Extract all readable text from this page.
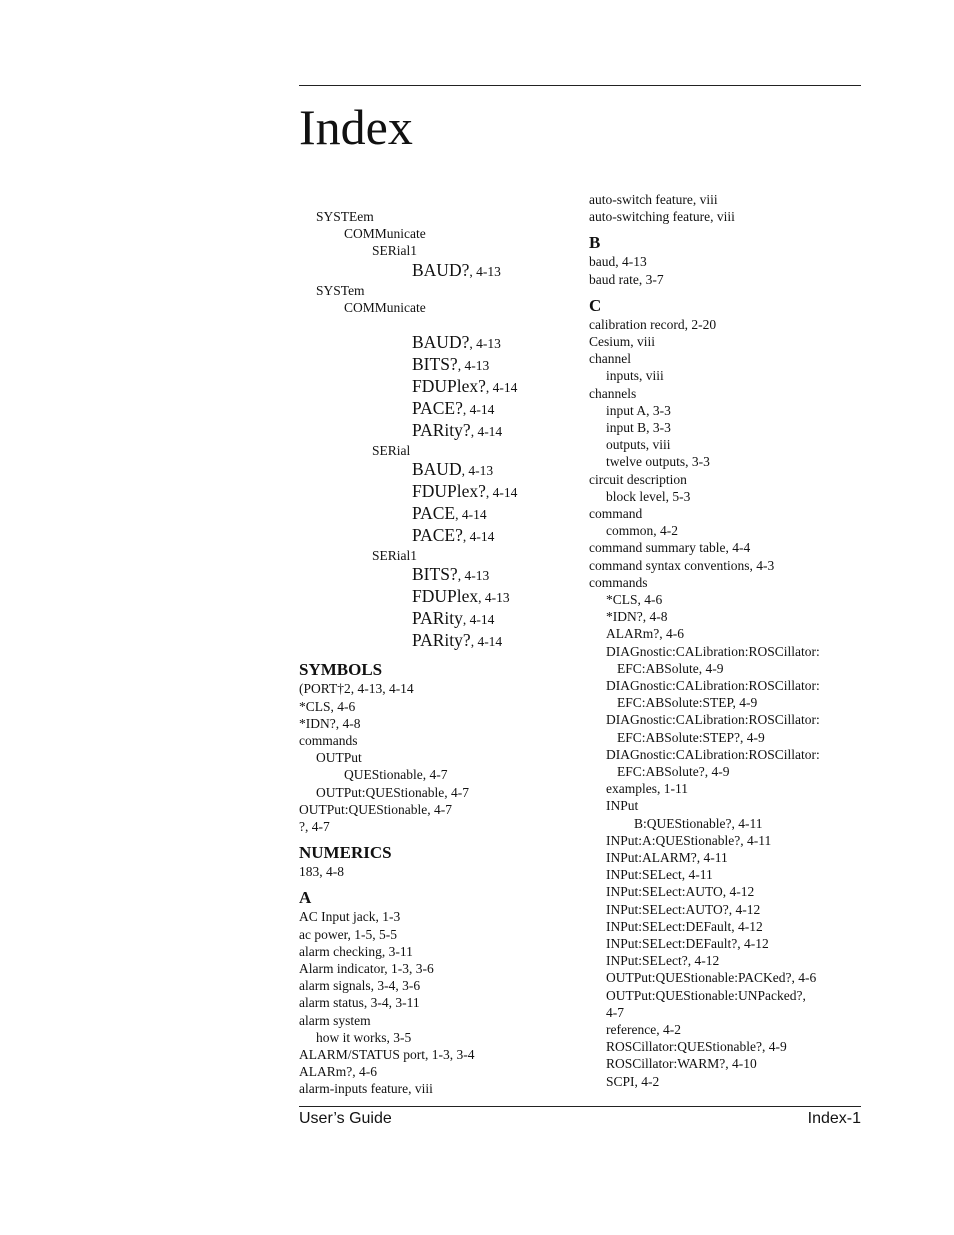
Index
SYSTEem
COMMunicate
SERial1
BAUD?, 4-13
SYSTem
COMMunicate
BAUD?, 4-13
BITS?, 4-13
FDUPlex?, 4-14
PACE?, 4-14
PARity?, 4-14
SERial
BAUD, 4-13
FDUPlex?, 4-14
PACE, 4-14
PACE?, 4-14
SERial1
BITS?, 4-13
FDUPlex, 4-13
PARity, 4-14
PARity?, 4-14
SYMBOLS
(PORT†2, 4-13, 4-14
*CLS, 4-6
*IDN?, 4-8
commands
OUTPut
QUEStionable, 4-7
OUTPut:QUEStionable, 4-7
OUTPut:QUEStionable, 4-7
?, 4-7
NUMERICS
183, 4-8
A
AC Input jack, 1-3
ac power, 1-5, 5-5
alarm checking, 3-11
Alarm indicator, 1-3, 3-6
alarm signals, 3-4, 3-6
alarm status, 3-4, 3-11
alarm system
how it works, 3-5
ALARM/STATUS port, 1-3, 3-4
ALARm?, 4-6
alarm-inputs feature, viii
auto-switch feature, viii
auto-switching feature, viii
B
baud, 4-13
baud rate, 3-7
C
calibration record, 2-20
Cesium, viii
channel
inputs, viii
channels
input A, 3-3
input B, 3-3
outputs, viii
twelve outputs, 3-3
circuit description
block level, 5-3
command
common, 4-2
command summary table, 4-4
command syntax conventions, 4-3
commands
*CLS, 4-6
*IDN?, 4-8
ALARm?, 4-6
DIAGnostic:CALibration:ROSCillator:
EFC:ABSolute, 4-9
DIAGnostic:CALibration:ROSCillator:
EFC:ABSolute:STEP, 4-9
DIAGnostic:CALibration:ROSCillator:
EFC:ABSolute:STEP?, 4-9
DIAGnostic:CALibration:ROSCillator:
EFC:ABSolute?, 4-9
examples, 1-11
INPut
B:QUEStionable?, 4-11
INPut:A:QUEStionable?, 4-11
INPut:ALARM?, 4-11
INPut:SELect, 4-11
INPut:SELect:AUTO, 4-12
INPut:SELect:AUTO?, 4-12
INPut:SELect:DEFault, 4-12
INPut:SELect:DEFault?, 4-12
INPut:SELect?, 4-12
OUTPut:QUEStionable:PACKed?, 4-6
OUTPut:QUEStionable:UNPacked?,
4-7
reference, 4-2
ROSCillator:QUEStionable?, 4-9
ROSCillator:WARM?, 4-10
SCPI, 4-2
User’s Guide	Index-1
